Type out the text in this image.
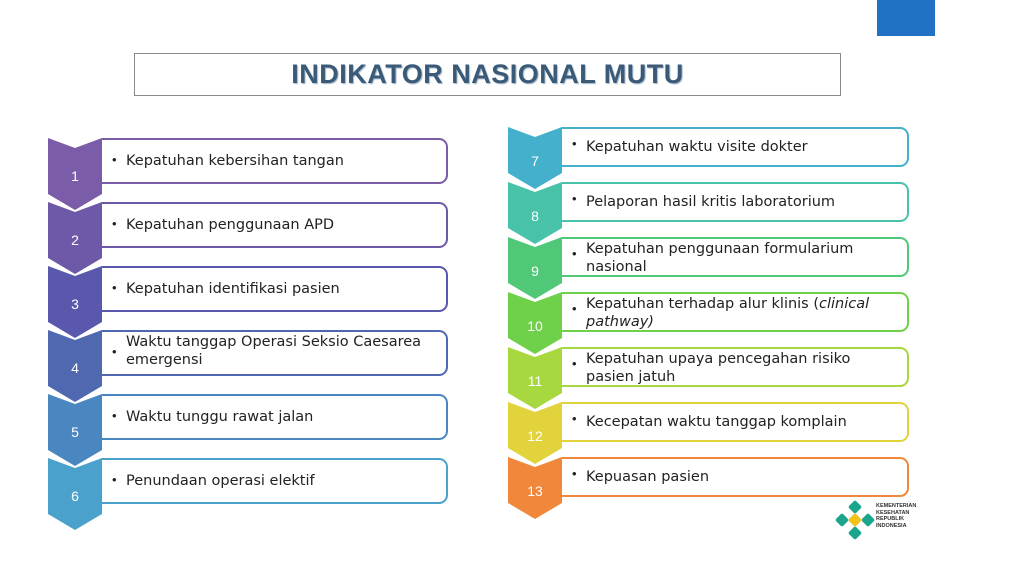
INDIKATOR NASIONAL MUTU
1
• Kepatuhan kebersihan tangan
2
• Kepatuhan penggunaan APD
3
• Kepatuhan identifikasi pasien
4
•
Waktu tanggap Operasi Seksio Caesarea emergensi
5
• Waktu tunggu rawat jalan
6
• Penundaan operasi elektif
7
• Kepatuhan waktu visite dokter
8
• Pelaporan hasil kritis laboratorium
9
• Kepatuhan penggunaan formularium nasional
10
• Kepatuhan terhadap alur klinis (clinical pathway)
11
• Kepatuhan upaya pencegahan risiko pasien jatuh
12
• Kecepatan waktu tanggap komplain
13
• Kepuasan pasien
KEMENTERIAN
KESEHATAN
REPUBLIK
INDONESIA
